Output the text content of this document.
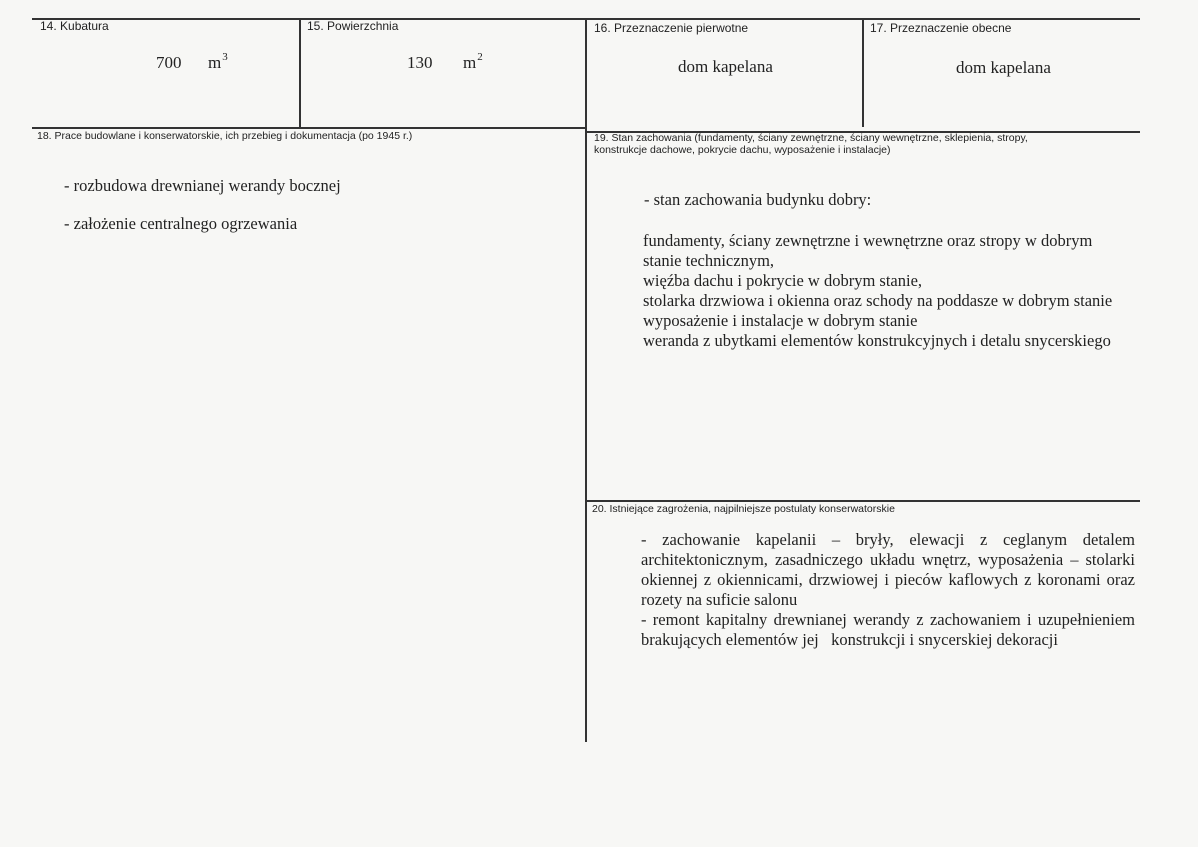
14. Kubatura
700 $m^3$
15. Powierzchnia
130 $m^2$
16. Przeznaczenie pierwotne
dom kapelana
17. Przeznaczenie obecne
dom kapelana
18. Prace budowlane i konserwatorskie, ich przebieg i dokumentacja (po 1945 r.)
- rozbudowa drewnianej werandy bocznej
- założenie centralnego ogrzewania
19. Stan zachowania (fundamenty, ściany zewnętrzne, ściany wewnętrzne, sklepienia, stropy,
konstrukcje dachowe, pokrycie dachu, wyposażenie i instalacje)
- stan zachowania budynku dobry:
fundamenty, ściany zewnętrzne i wewnętrzne oraz stropy w dobrym
stanie technicznym,
więźba dachu i pokrycie w dobrym stanie,
stolarka drzwiowa i okienna oraz schody na poddasze w dobrym stanie
wyposażenie i instalacje w dobrym stanie
weranda z ubytkami elementów konstrukcyjnych i detalu snycerskiego
20. Istniejące zagrożenia, najpilniejsze postulaty konserwatorskie
- zachowanie kapelanii – bryły, elewacji z ceglanym detalem
architektonicznym, zasadniczego układu wnętrz, wyposażenia – stolarki
okiennej z okiennicami, drzwiowej i pieców kaflowych z koronami oraz
rozety na suficie salonu
- remont kapitalny drewnianej werandy z zachowaniem i uzupełnieniem
brakujących elementów jej   konstrukcji i snycerskiej dekoracji
